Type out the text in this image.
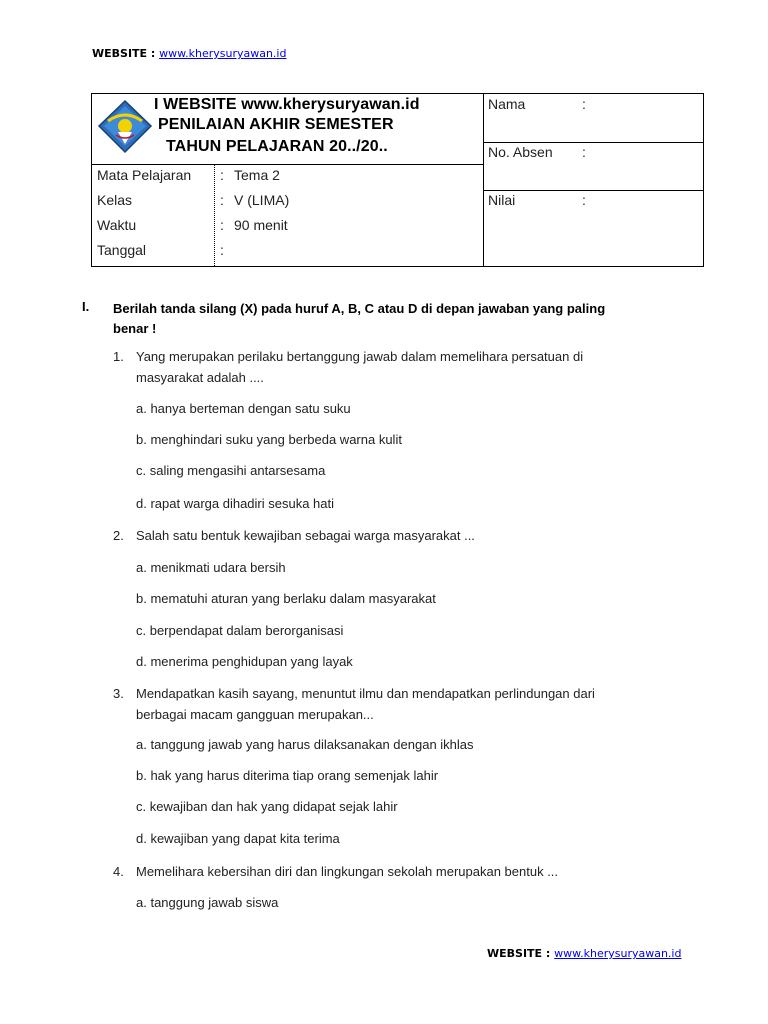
WEBSITE : www.kherysuryawan.id
I WEBSITE www.kherysuryawan.id
PENILAIAN AKHIR SEMESTER
TAHUN PELAJARAN 20../20..
Mata Pelajaran : Tema 2
Kelas	: V (LIMA)
Waktu	: 90 menit
Tanggal	:
Nama	:
No. Absen :
Nilai	:
I. Berilah tanda silang (X) pada huruf A, B, C atau D di depan jawaban yang paling
benar !
1. Yang merupakan perilaku bertanggung jawab dalam memelihara persatuan di
masyarakat adalah ....
a. hanya berteman dengan satu suku
b. menghindari suku yang berbeda warna kulit
c. saling mengasihi antarsesama
d. rapat warga dihadiri sesuka hati
2. Salah satu bentuk kewajiban sebagai warga masyarakat ...
a. menikmati udara bersih
b. mematuhi aturan yang berlaku dalam masyarakat
c. berpendapat dalam berorganisasi
d. menerima penghidupan yang layak
3. Mendapatkan kasih sayang, menuntut ilmu dan mendapatkan perlindungan dari
berbagai macam gangguan merupakan...
a. tanggung jawab yang harus dilaksanakan dengan ikhlas
b. hak yang harus diterima tiap orang semenjak lahir
c. kewajiban dan hak yang didapat sejak lahir
d. kewajiban yang dapat kita terima
4. Memelihara kebersihan diri dan lingkungan sekolah merupakan bentuk ...
a. tanggung jawab siswa
WEBSITE : www.kherysuryawan.id
